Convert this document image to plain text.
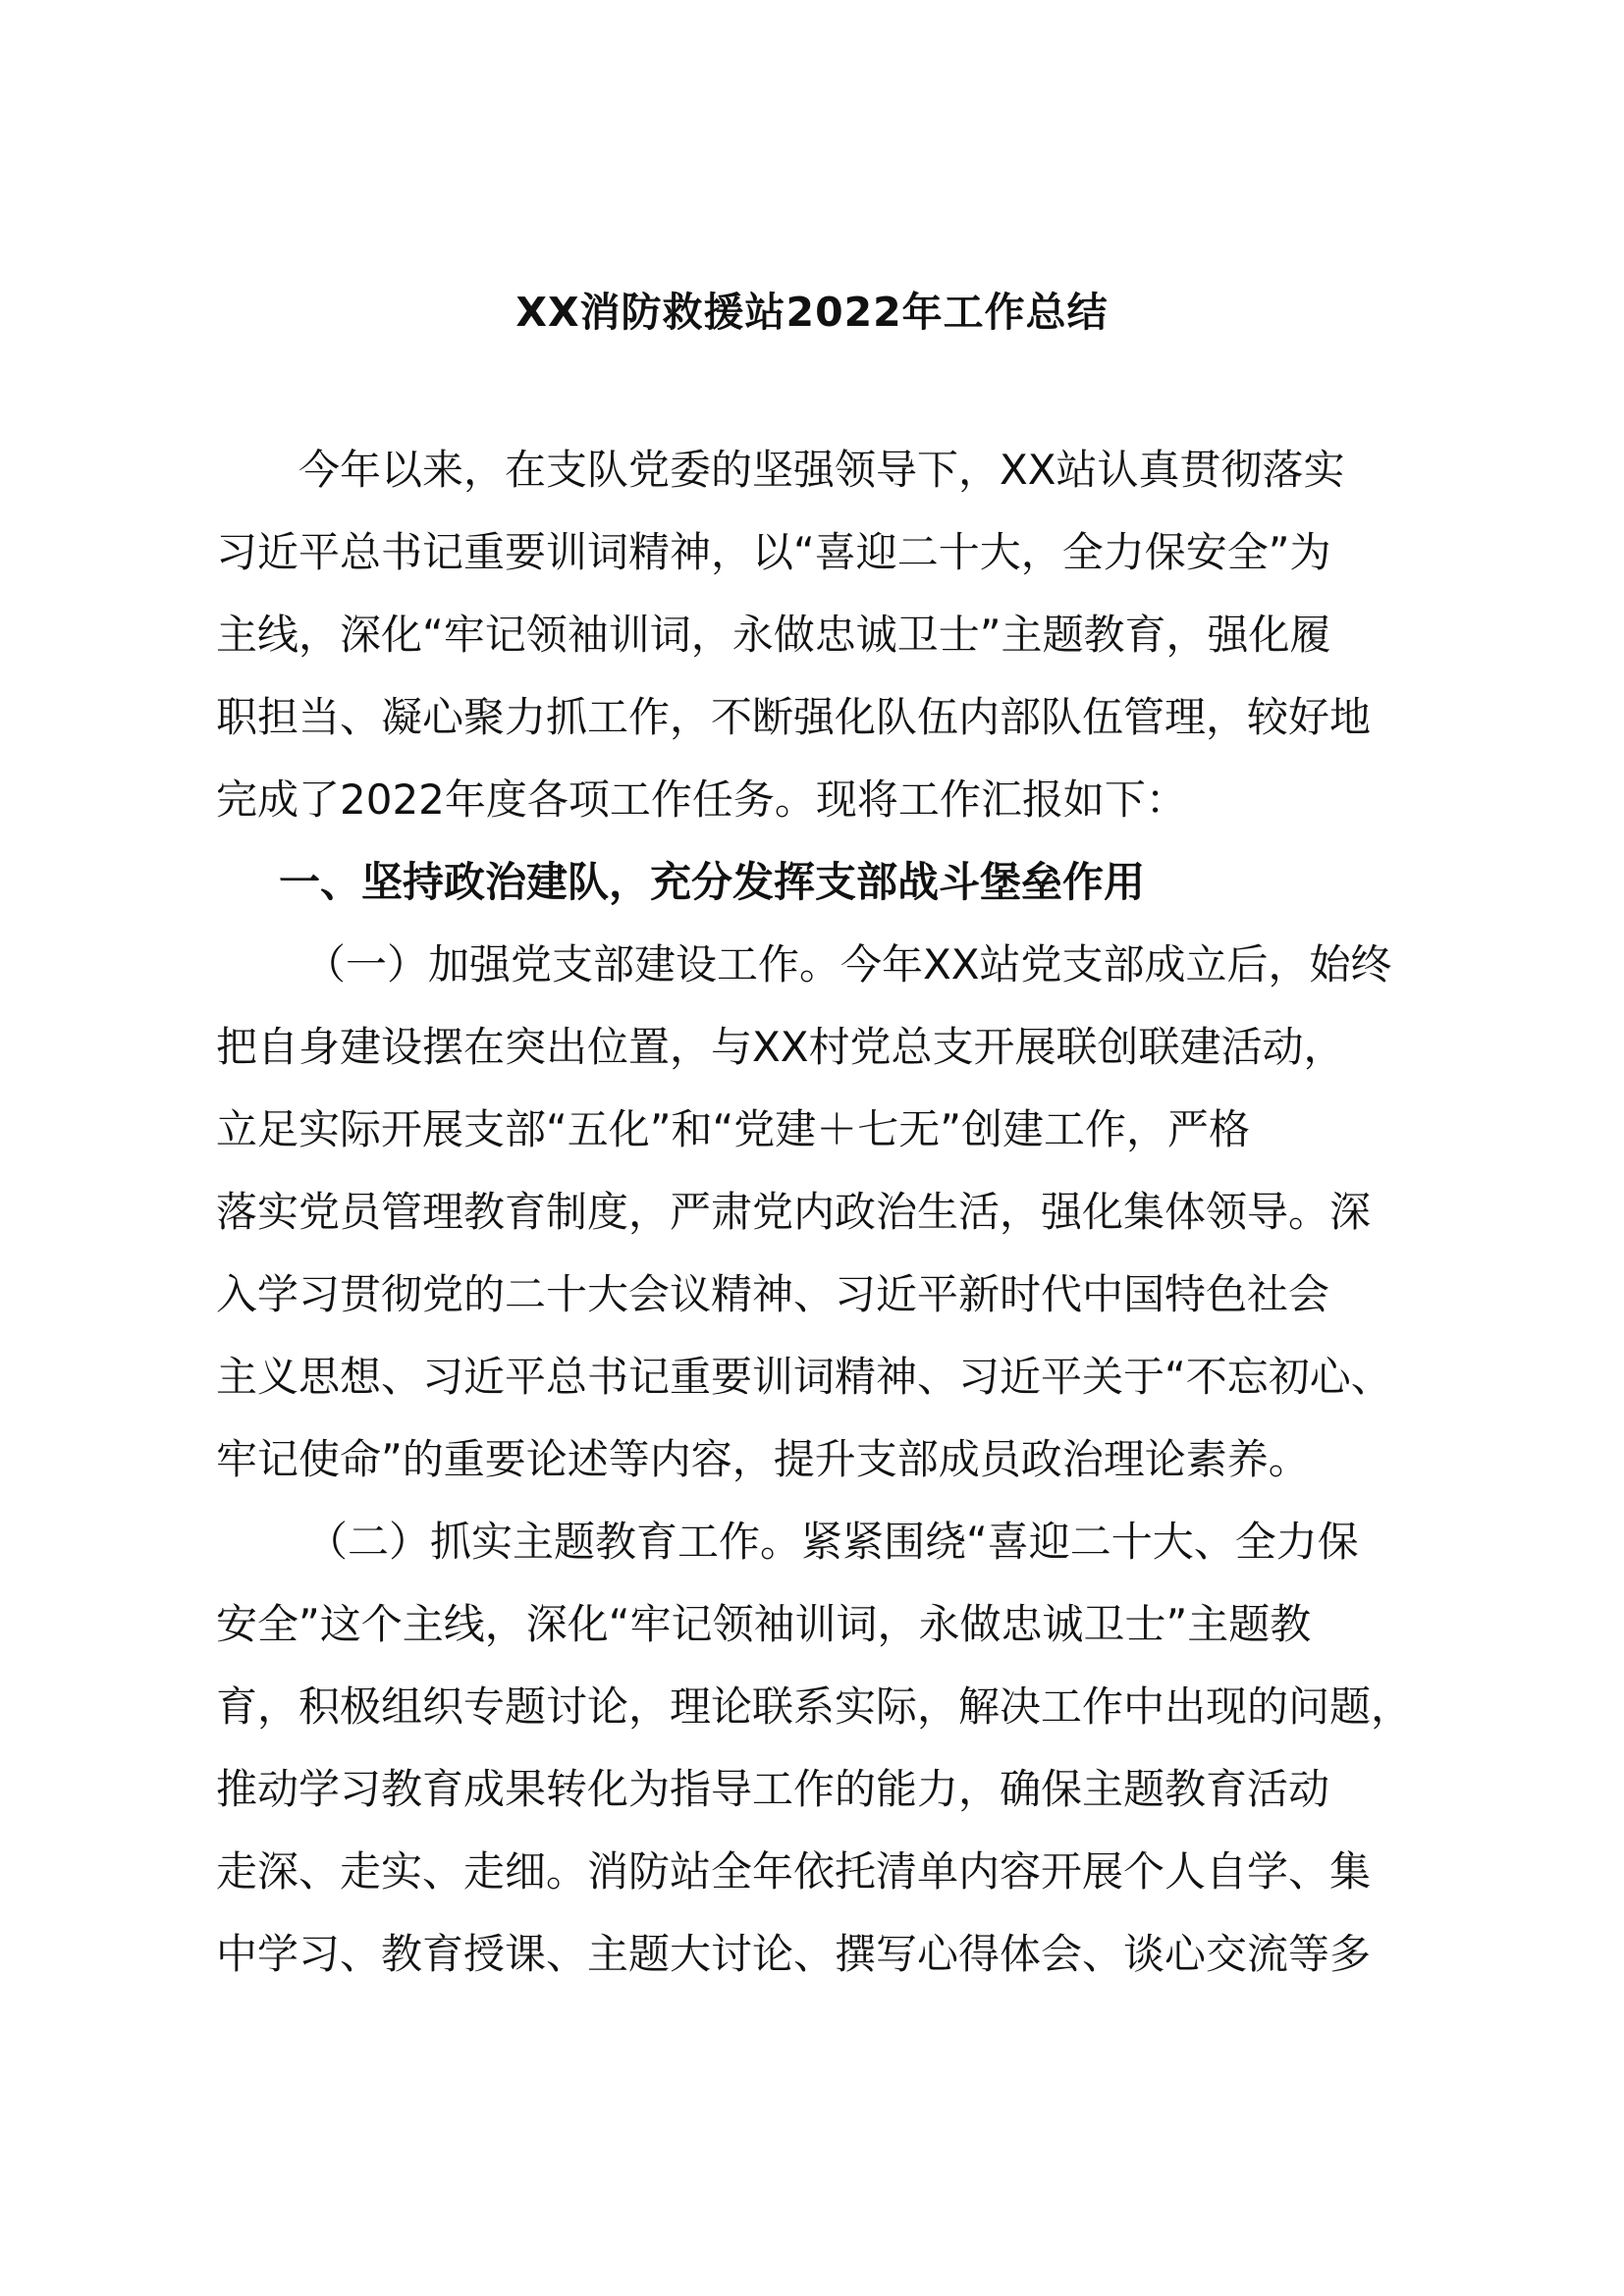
XX消防救援站2022年工作总结
今年以来，在支队党委的坚强领导下，XX站认真贯彻落实
习近平总书记重要训词精神，以“喜迎二十大，全力保安全”为
主线，深化“牢记领袖训词，永做忠诚卫士”主题教育，强化履
职担当、凝心聚力抓工作，不断强化队伍内部队伍管理，较好地
完成了2022年度各项工作任务。现将工作汇报如下：
一、坚持政治建队，充分发挥支部战斗堡垒作用
（一）加强党支部建设工作。今年XX站党支部成立后，始终
把自身建设摆在突出位置，与XX村党总支开展联创联建活动，
立足实际开展支部“五化”和“党建＋七无”创建工作，严格
落实党员管理教育制度，严肃党内政治生活，强化集体领导。深
入学习贯彻党的二十大会议精神、习近平新时代中国特色社会
主义思想、习近平总书记重要训词精神、习近平关于“不忘初心、
牢记使命”的重要论述等内容，提升支部成员政治理论素养。
（二）抓实主题教育工作。紧紧围绕“喜迎二十大、全力保
安全”这个主线，深化“牢记领袖训词，永做忠诚卫士”主题教
育，积极组织专题讨论，理论联系实际，解决工作中出现的问题，
推动学习教育成果转化为指导工作的能力，确保主题教育活动
走深、走实、走细。消防站全年依托清单内容开展个人自学、集
中学习、教育授课、主题大讨论、撰写心得体会、谈心交流等多
